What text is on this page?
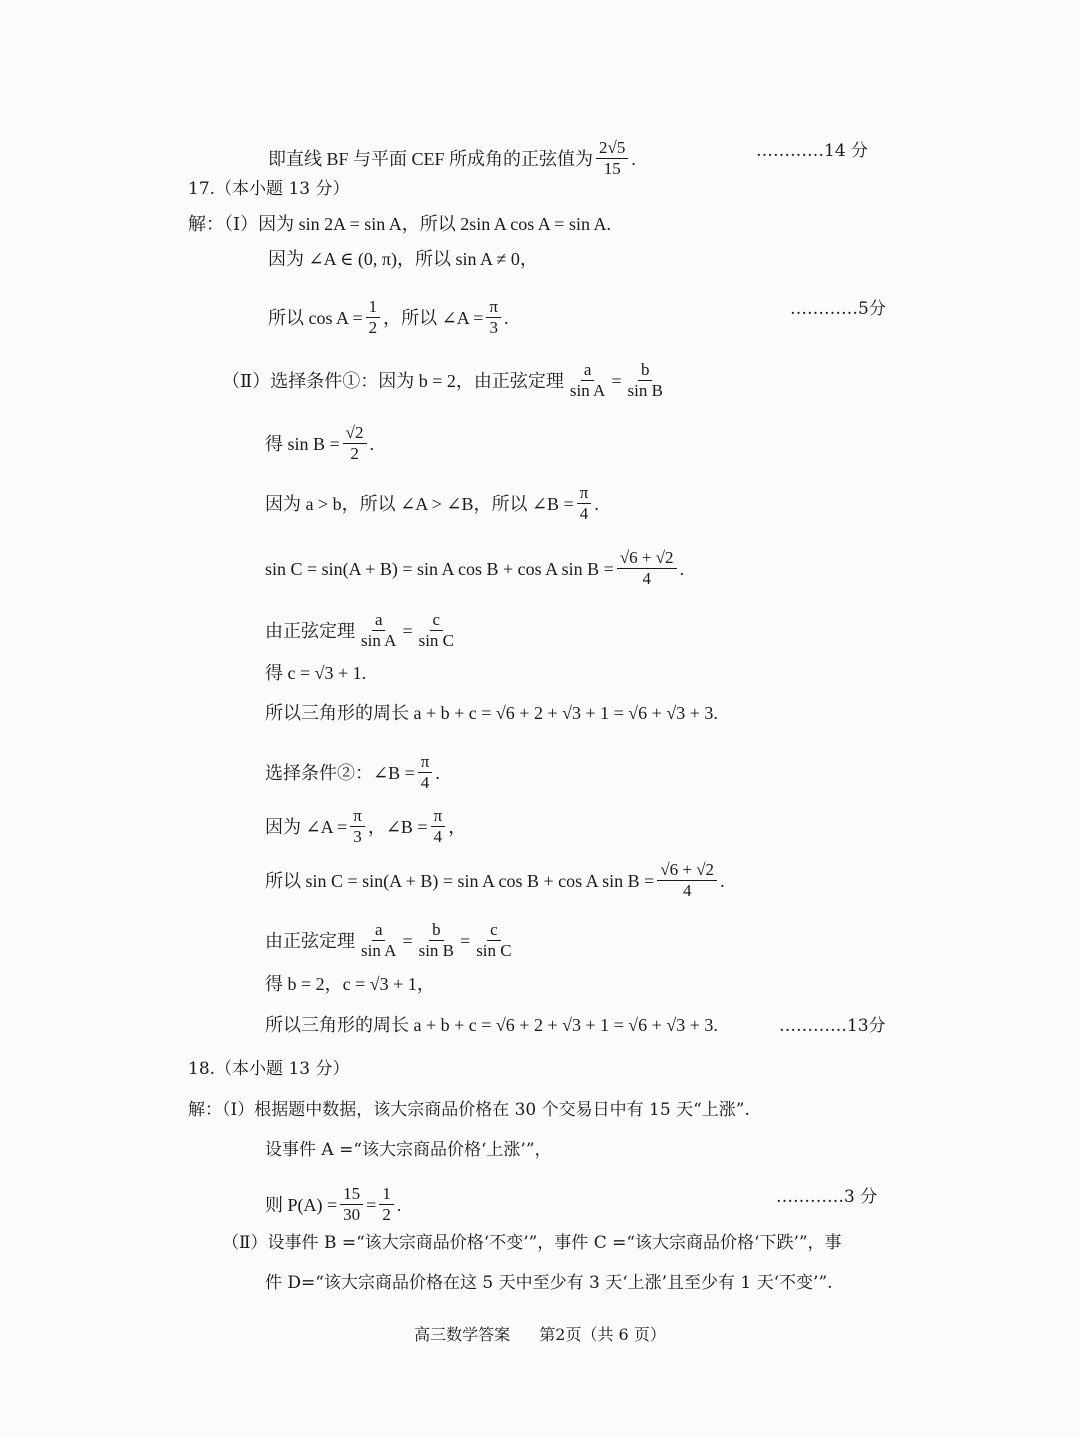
即直线 BF 与平面 CEF 所成角的正弦值为 $\frac{2√5}{15}$ .	…………14 分
17.（本小题 13 分）
解：（Ⅰ）因为 sin 2A = sin A，所以 2sin A cos A = sin A.
因为 ∠A ∈ (0, π)，所以 sin A ≠ 0，
所以 $\cos A = \frac{1}{2}$ ，所以 ∠A = $\frac{\pi}{3}$ .	…………5分
（Ⅱ）选择条件①：因为 b = 2，由正弦定理 $\frac{a}{\text{sin A}} = \frac{b}{\text{sin B}}$
得 $\sin B = \frac{√2}{2}$ .
因为 a > b，所以 ∠A > ∠B，所以 ∠B = $\frac{\pi}{4}$ .
sin C = sin(A + B) = sin A cos B + cos A $\sin B = \frac{√6 + √2}{4}$ .
由正弦定理 $\frac{a}{\text{sin A}} = \frac{c}{\text{sin C}}$
得 c = √3 + 1.
所以三角形的周长 a + b + c = √6 + 2 + √3 + 1 = √6 + √3 + 3.
选择条件②：∠B = $\frac{\pi}{4}$ .
因为 ∠A = $\frac{\pi}{3}$ ，∠B = $\frac{\pi}{4}$ ，
所以 sin C = sin(A + B) = sin A cos B + cos A $\sin B = \frac{√6 + √2}{4}$ .
由正弦定理 $\frac{a}{\text{sin A}} = \frac{b}{\text{sin B}} = \frac{c}{\text{sin C}}$
得 b = 2，c = √3 + 1，
所以三角形的周长 a + b + c = √6 + 2 + √3 + 1 = √6 + √3 + 3.	…………13分
18.（本小题 13 分）
解：（Ⅰ）根据题中数据，该大宗商品价格在 30 个交易日中有 15 天“上涨”.
设事件 A =“该大宗商品价格‘上涨’”，
则 $P(A) = \frac{15}{30} = \frac{1}{2}$ .	…………3 分
（Ⅱ）设事件 B =“该大宗商品价格‘不变’”，事件 C =“该大宗商品价格‘下跌’”，事
件 D=“该大宗商品价格在这 5 天中至少有 3 天‘上涨’且至少有 1 天‘不变’”.
高三数学答案 第2页（共 6 页）
